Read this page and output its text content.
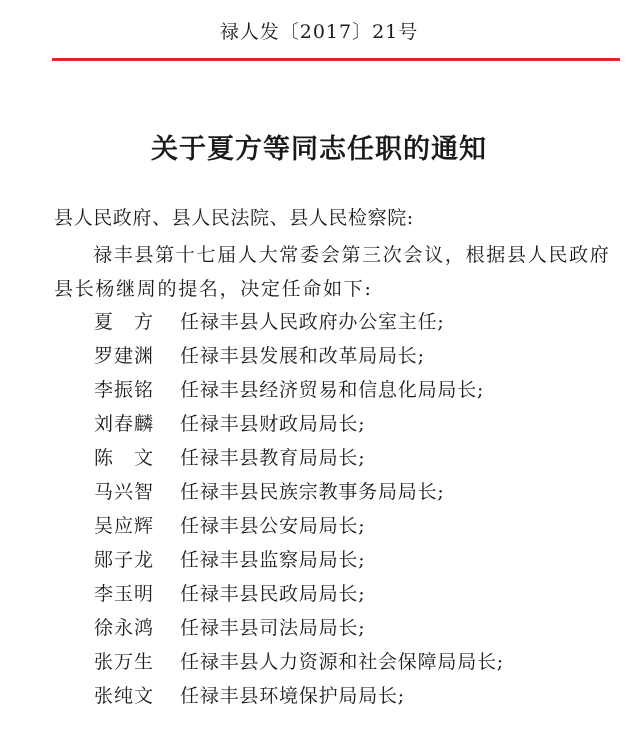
禄人发〔2017〕21号
关于夏方等同志任职的通知

县人民政府、县人民法院、县人民检察院:

禄丰县第十七届人大常委会第三次会议，根据县人民政府县长杨继周的提名，决定任命如下:

夏　方 任禄丰县人民政府办公室主任;
罗建渊 任禄丰县发展和改革局局长;
李振铭 任禄丰县经济贸易和信息化局局长;
刘春麟 任禄丰县财政局局长;
陈　文 任禄丰县教育局局长;
马兴智 任禄丰县民族宗教事务局局长;
吴应辉 任禄丰县公安局局长;
郧子龙 任禄丰县监察局局长;
李玉明 任禄丰县民政局局长;
徐永鸿 任禄丰县司法局局长;
张万生 任禄丰县人力资源和社会保障局局长;
张纯文 任禄丰县环境保护局局长;
